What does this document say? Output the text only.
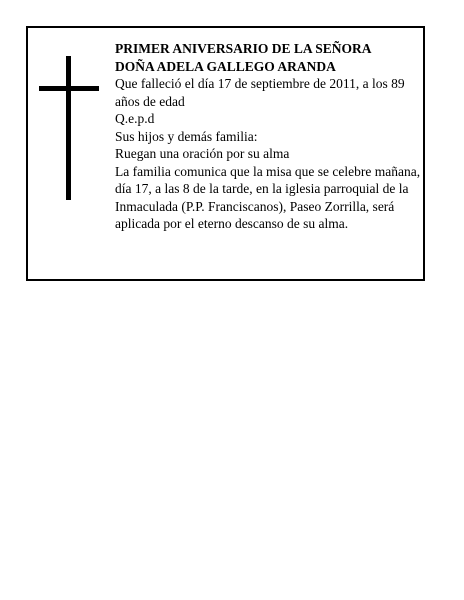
PRIMER ANIVERSARIO DE LA SEÑORA

DOÑA ADELA GALLEGO ARANDA

Que falleció el día 17 de septiembre de 2011, a los 89 años de edad

Q.e.p.d

Sus hijos y demás familia:

Ruegan una oración por su alma

La familia comunica que la misa que se celebre mañana, día 17, a las 8 de la tarde, en la iglesia parroquial de la Inmaculada (P.P. Franciscanos), Paseo Zorrilla, será aplicada por el eterno descanso de su alma.
